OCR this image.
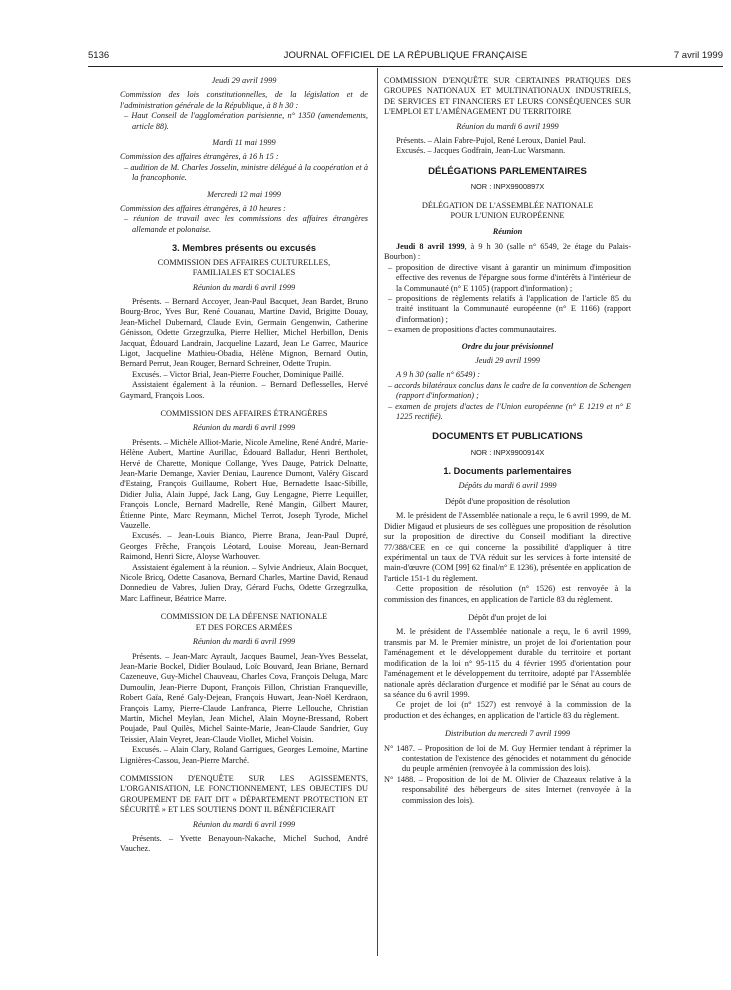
5136	JOURNAL OFFICIEL DE LA RÉPUBLIQUE FRANÇAISE	7 avril 1999

Jeudi 29 avril 1999

Commission des lois constitutionnelles, de la législation et de l'administration générale de la République, à 8 h 30 :

– Haut Conseil de l'agglomération parisienne, n° 1350 (amendements, article 88).

Mardi 11 mai 1999

Commission des affaires étrangères, à 16 h 15 :

– audition de M. Charles Josselin, ministre délégué à la coopération et à la francophonie.

Mercredi 12 mai 1999

Commission des affaires étrangères, à 10 heures :

– réunion de travail avec les commissions des affaires étrangères allemande et polonaise.

3. Membres présents ou excusés

COMMISSION DES AFFAIRES CULTURELLES,

FAMILIALES ET SOCIALES

Réunion du mardi 6 avril 1999

Présents. – Bernard Accoyer, Jean-Paul Bacquet, Jean Bardet, Bruno Bourg-Broc, Yves Bur, René Couanau, Martine David, Brigitte Douay, Jean-Michel Dubernard, Claude Evin, Germain Gengenwin, Catherine Génisson, Odette Grzegrzulka, Pierre Hellier, Michel Herbillon, Denis Jacquat, Édouard Landrain, Jacqueline Lazard, Jean Le Garrec, Maurice Ligot, Jacqueline Mathieu-Obadia, Hélène Mignon, Bernard Outin, Bernard Perrut, Jean Rouger, Bernard Schreiner, Odette Trupin.

Excusés. – Victor Brial, Jean-Pierre Foucher, Dominique Paillé.

Assistaient également à la réunion. – Bernard Deflesselles, Hervé Gaymard, François Loos.

COMMISSION DES AFFAIRES ÉTRANGÈRES

Réunion du mardi 6 avril 1999

Présents. – Michèle Alliot-Marie, Nicole Ameline, René André, Marie-Hélène Aubert, Martine Aurillac, Édouard Balladur, Henri Bertholet, Hervé de Charette, Monique Collange, Yves Dauge, Patrick Delnatte, Jean-Marie Demange, Xavier Deniau, Laurence Dumont, Valéry Giscard d'Estaing, François Guillaume, Robert Hue, Bernadette Isaac-Sibille, Didier Julia, Alain Juppé, Jack Lang, Guy Lengagne, Pierre Lequiller, François Loncle, Bernard Madrelle, René Mangin, Gilbert Maurer, Étienne Pinte, Marc Reymann, Michel Terrot, Joseph Tyrode, Michel Vauzelle.

Excusés. – Jean-Louis Bianco, Pierre Brana, Jean-Paul Dupré, Georges Frêche, François Léotard, Louise Moreau, Jean-Bernard Raimond, Henri Sicre, Aloyse Warhouver.

Assistaient également à la réunion. – Sylvie Andrieux, Alain Bocquet, Nicole Bricq, Odette Casanova, Bernard Charles, Martine David, Renaud Donnedieu de Vabres, Julien Dray, Gérard Fuchs, Odette Grzegrzulka, Marc Laffineur, Béatrice Marre.

COMMISSION DE LA DÉFENSE NATIONALE

ET DES FORCES ARMÉES

Réunion du mardi 6 avril 1999

Présents. – Jean-Marc Ayrault, Jacques Baumel, Jean-Yves Besselat, Jean-Marie Bockel, Didier Boulaud, Loïc Bouvard, Jean Briane, Bernard Cazeneuve, Guy-Michel Chauveau, Charles Cova, François Deluga, Marc Dumoulin, Jean-Pierre Dupont, François Fillon, Christian Franqueville, Robert Gaïa, René Galy-Dejean, François Huwart, Jean-Noël Kerdraon, François Lamy, Pierre-Claude Lanfranca, Pierre Lellouche, Christian Martin, Michel Meylan, Jean Michel, Alain Moyne-Bressand, Robert Poujade, Paul Quilès, Michel Sainte-Marie, Jean-Claude Sandrier, Guy Teissier, Alain Veyret, Jean-Claude Viollet, Michel Voisin.

Excusés. – Alain Clary, Roland Garrigues, Georges Lemoine, Martine Lignières-Cassou, Jean-Pierre Marché.

COMMISSION D'ENQUÊTE SUR LES AGISSEMENTS, L'ORGANISATION, LE FONCTIONNEMENT, LES OBJECTIFS DU GROUPEMENT DE FAIT DIT « DÉPARTEMENT PROTECTION ET SÉCURITÉ » ET LES SOUTIENS DONT IL BÉNÉFICIERAIT

Réunion du mardi 6 avril 1999

Présents. – Yvette Benayoun-Nakache, Michel Suchod, André Vauchez.

COMMISSION D'ENQUÊTE SUR CERTAINES PRATIQUES DES GROUPES NATIONAUX ET MULTINATIONAUX INDUSTRIELS, DE SERVICES ET FINANCIERS ET LEURS CONSÉQUENCES SUR L'EMPLOI ET L'AMÉNAGEMENT DU TERRITOIRE

Réunion du mardi 6 avril 1999

Présents. – Alain Fabre-Pujol, René Leroux, Daniel Paul.

Excusés. – Jacques Godfrain, Jean-Luc Warsmann.

DÉLÉGATIONS PARLEMENTAIRES

NOR : INPX9900897X

DÉLÉGATION DE L'ASSEMBLÉE NATIONALE

POUR L'UNION EUROPÉENNE

Réunion

Jeudi 8 avril 1999, à 9 h 30 (salle n° 6549, 2e étage du Palais-Bourbon) :

– proposition de directive visant à garantir un minimum d'imposition effective des revenus de l'épargne sous forme d'intérêts à l'intérieur de la Communauté (n° E 1105) (rapport d'information) ;

– propositions de règlements relatifs à l'application de l'article 85 du traité instituant la Communauté européenne (n° E 1166) (rapport d'information) ;

– examen de propositions d'actes communautaires.

Ordre du jour prévisionnel

Jeudi 29 avril 1999

A 9 h 30 (salle n° 6549) :

– accords bilatéraux conclus dans le cadre de la convention de Schengen (rapport d'information) ;

– examen de projets d'actes de l'Union européenne (n° E 1219 et n° E 1225 rectifié).

DOCUMENTS ET PUBLICATIONS

NOR : INPX9900914X

1. Documents parlementaires

Dépôts du mardi 6 avril 1999

Dépôt d'une proposition de résolution

M. le président de l'Assemblée nationale a reçu, le 6 avril 1999, de M. Didier Migaud et plusieurs de ses collègues une proposition de résolution sur la proposition de directive du Conseil modifiant la directive 77/388/CEE en ce qui concerne la possibilité d'appliquer à titre expérimental un taux de TVA réduit sur les services à forte intensité de main-d'œuvre (COM [99] 62 final/n° E 1236), présentée en application de l'article 151-1 du règlement.

Cette proposition de résolution (n° 1526) est renvoyée à la commission des finances, en application de l'article 83 du règlement.

Dépôt d'un projet de loi

M. le président de l'Assemblée nationale a reçu, le 6 avril 1999, transmis par M. le Premier ministre, un projet de loi d'orientation pour l'aménagement et le développement durable du territoire et portant modification de la loi n° 95-115 du 4 février 1995 d'orientation pour l'aménagement et le développement du territoire, adopté par l'Assemblée nationale après déclaration d'urgence et modifié par le Sénat au cours de sa séance du 6 avril 1999.

Ce projet de loi (n° 1527) est renvoyé à la commission de la production et des échanges, en application de l'article 83 du règlement.

Distribution du mercredi 7 avril 1999

N° 1487. – Proposition de loi de M. Guy Hermier tendant à réprimer la contestation de l'existence des génocides et notamment du génocide du peuple arménien (renvoyée à la commission des lois).

N° 1488. – Proposition de loi de M. Olivier de Chazeaux relative à la responsabilité des hébergeurs de sites Internet (renvoyée à la commission des lois).
